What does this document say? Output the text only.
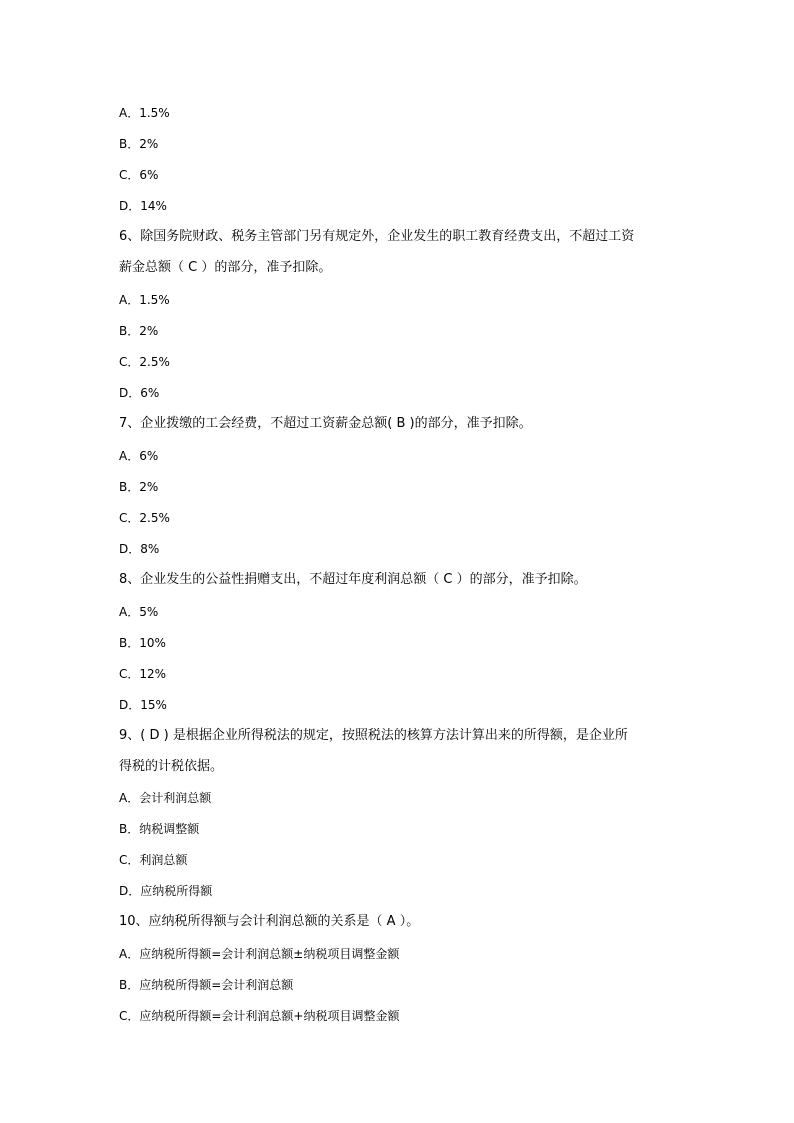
A．1.5%
B．2%
C．6%
D．14%
6、除国务院财政、税务主管部门另有规定外，企业发生的职工教育经费支出，不超过工资
薪金总额（ C ）的部分，准予扣除。
A．1.5%
B．2%
C．2.5%
D．6%
7、企业拨缴的工会经费，不超过工资薪金总额( B )的部分，准予扣除。
A．6%
B．2%
C．2.5%
D．8%
8、企业发生的公益性捐赠支出，不超过年度利润总额（ C ）的部分，准予扣除。
A．5%
B．10%
C．12%
D．15%
9、( D ) 是根据企业所得税法的规定，按照税法的核算方法计算出来的所得额，是企业所
得税的计税依据。
A．会计利润总额
B．纳税调整额
C．利润总额
D．应纳税所得额
10、应纳税所得额与会计利润总额的关系是（ A ）。
A．应纳税所得额=会计利润总额±纳税项目调整金额
B．应纳税所得额=会计利润总额
C．应纳税所得额=会计利润总额+纳税项目调整金额
